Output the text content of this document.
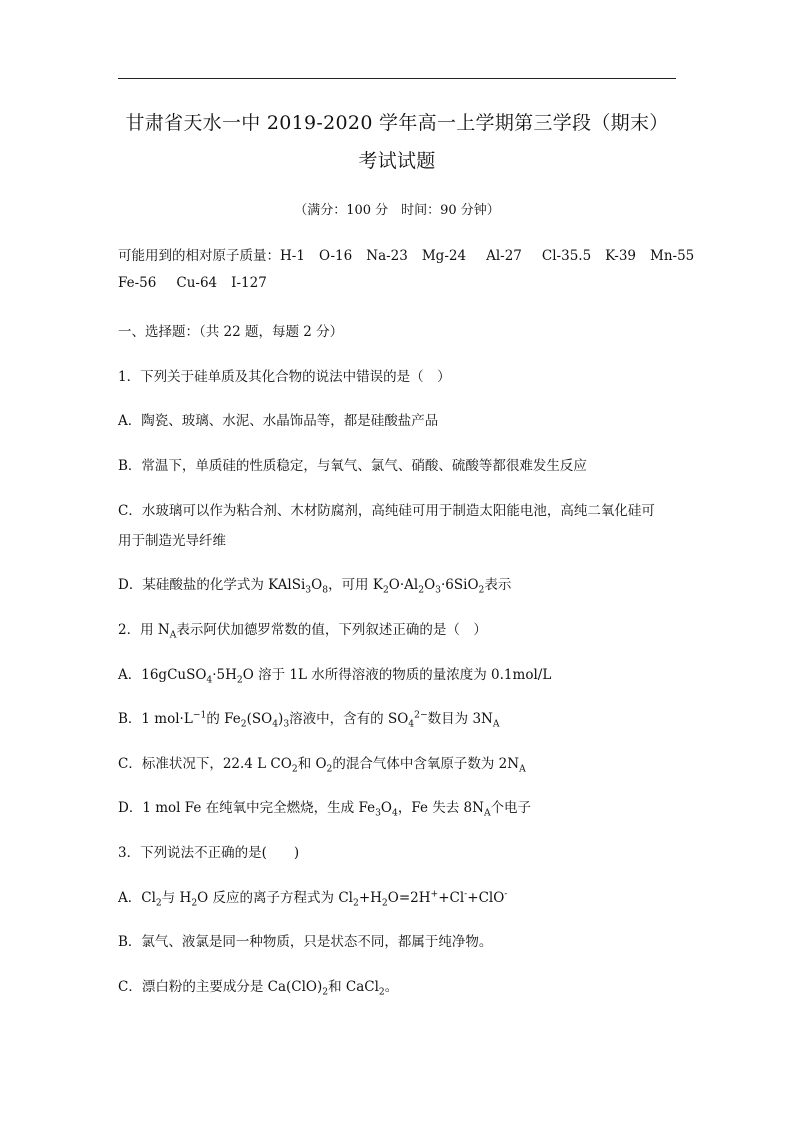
甘肃省天水一中 2019-2020 学年高一上学期第三学段（期末）
考试试题
（满分：100 分　时间：90 分钟）
可能用到的相对原子质量：H-1 O-16 Na-23 Mg-24 Al-27 Cl-35.5 K-39 Mn-55
Fe-56 Cu-64 I-127
一、选择题：（共 22 题，每题 2 分）
1．下列关于硅单质及其化合物的说法中错误的是（　）
A．陶瓷、玻璃、水泥、水晶饰品等，都是硅酸盐产品
B．常温下，单质硅的性质稳定，与氧气、氯气、硝酸、硫酸等都很难发生反应
C．水玻璃可以作为粘合剂、木材防腐剂，高纯硅可用于制造太阳能电池，高纯二氧化硅可
用于制造光导纤维
D．某硅酸盐的化学式为 $KAlSi_3O_8$，可用 $K_2O\cdot Al_2O_3\cdot 6SiO_2$表示
2．用 $N_A$表示阿伏加德罗常数的值，下列叙述正确的是（　）
A．$16gCuSO_4\cdot 5H_2O$ 溶于 1L 水所得溶液的物质的量浓度为 0.1mol/L
B．1 $mol\cdot L^{-1}$的 $Fe_2(SO_4)_3$溶液中，含有的 $SO_4^{2-}$数目为 $3N_A$
C．标准状况下，22.4 L $CO_2$和 $O_2$的混合气体中含氧原子数为 $2N_A$
D．1 mol Fe 在纯氧中完全燃烧，生成 $Fe_3O_4$，Fe 失去 $8N_A$个电子
3．下列说法不正确的是(　　)
A．$Cl_2$与 $H_2O$ 反应的离子方程式为 $Cl_2+H_2O=2H^++Cl^-+ClO^-$
B．氯气、液氯是同一种物质，只是状态不同，都属于纯净物。
C．漂白粉的主要成分是 $Ca(ClO)_2$和 CaCl$_2$。
